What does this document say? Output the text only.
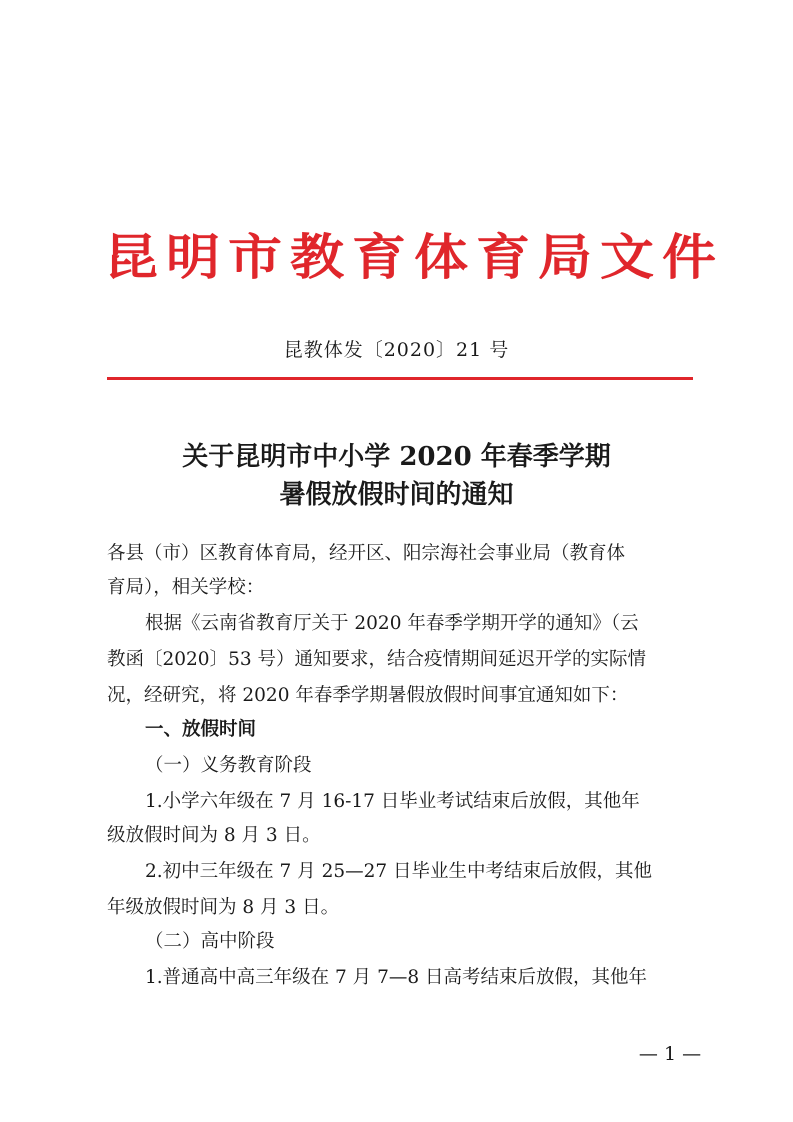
昆明市教育体育局文件
昆教体发〔2020〕21 号
关于昆明市中小学 2020 年春季学期
暑假放假时间的通知
各县（市）区教育体育局，经开区、阳宗海社会事业局（教育体
育局），相关学校：
根据《云南省教育厅关于 2020 年春季学期开学的通知》（云
教函〔2020〕53 号）通知要求，结合疫情期间延迟开学的实际情
况，经研究，将 2020 年春季学期暑假放假时间事宜通知如下：
一、放假时间
（一）义务教育阶段
1.小学六年级在 7 月 16-17 日毕业考试结束后放假，其他年
级放假时间为 8 月 3 日。
2.初中三年级在 7 月 25—27 日毕业生中考结束后放假，其他
年级放假时间为 8 月 3 日。
（二）高中阶段
1.普通高中高三年级在 7 月 7—8 日高考结束后放假，其他年
— 1 —
